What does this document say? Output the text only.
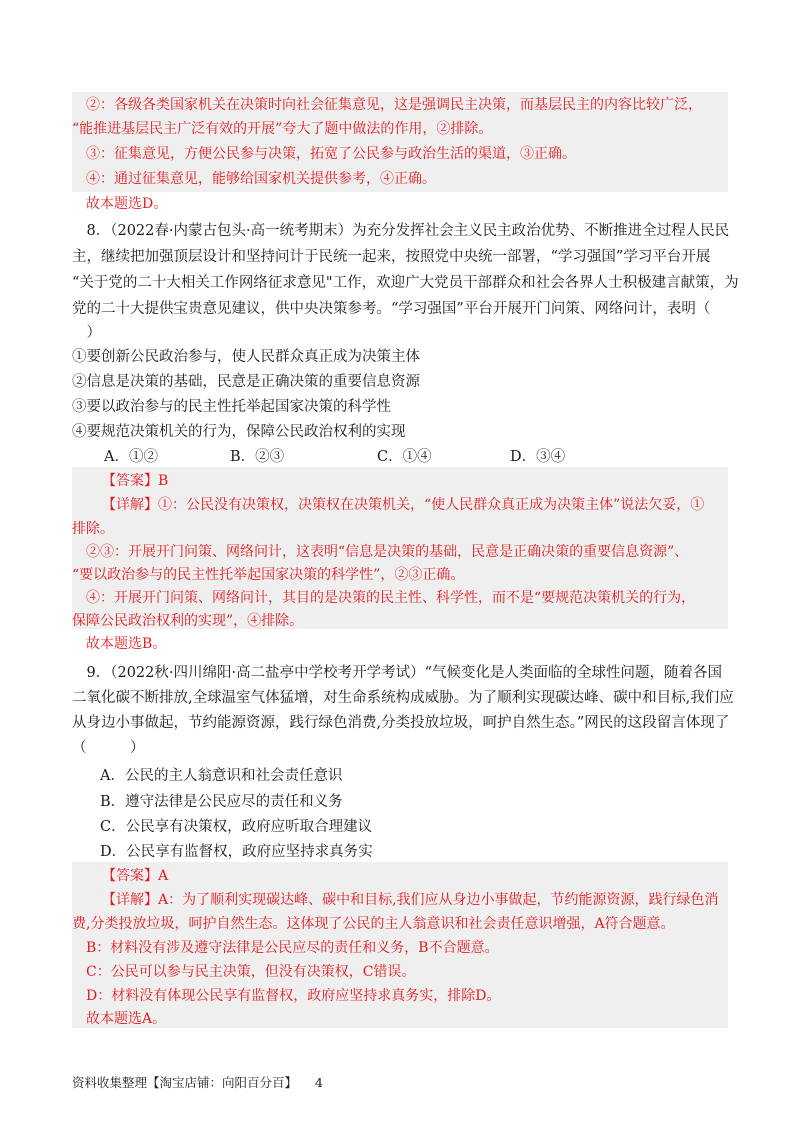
　②：各级各类国家机关在决策时向社会征集意见，这是强调民主决策，而基层民主的内容比较广泛，
“能推进基层民主广泛有效的开展”夸大了题中做法的作用，②排除。
　③：征集意见，方便公民参与决策，拓宽了公民参与政治生活的渠道，③正确。
　④：通过征集意见，能够给国家机关提供参考，④正确。
　故本题选D。
　8．（2022春·内蒙古包头·高一统考期末）为充分发挥社会主义民主政治优势、不断推进全过程人民民
主，继续把加强顶层设计和坚持问计于民统一起来，按照党中央统一部署，“学习强国”学习平台开展
“关于党的二十大相关工作网络征求意见"工作，欢迎广大党员干部群众和社会各界人士积极建言献策，为
党的二十大提供宝贵意见建议，供中央决策参考。“学习强国”平台开展开门问策、网络问计，表明（
　）
①要创新公民政治参与，使人民群众真正成为决策主体
②信息是决策的基础，民意是正确决策的重要信息资源
③要以政治参与的民主性托举起国家决策的科学性
④要规范决策机关的行为，保障公民政治权利的实现
A．①②	B．②③	C．①④	D．③④
【答案】B
【详解】①：公民没有决策权，决策权在决策机关，“使人民群众真正成为决策主体”说法欠妥，①
排除。
　②③：开展开门问策、网络问计，这表明“信息是决策的基础，民意是正确决策的重要信息资源”、
“要以政治参与的民主性托举起国家决策的科学性”，②③正确。
　④：开展开门问策、网络问计，其目的是决策的民主性、科学性，而不是“要规范决策机关的行为，
保障公民政治权利的实现”，④排除。
　故本题选B。
　9．（2022秋·四川绵阳·高二盐亭中学校考开学考试）“气候变化是人类面临的全球性问题，随着各国
二氧化碳不断排放,全球温室气体猛增，对生命系统构成威胁。为了顺利实现碳达峰、碳中和目标,我们应
从身边小事做起，节约能源资源，践行绿色消费,分类投放垃圾，呵护自然生态。”网民的这段留言体现了
（　　　）
A．公民的主人翁意识和社会责任意识
B．遵守法律是公民应尽的责任和义务
C．公民享有决策权，政府应听取合理建议
D．公民享有监督权，政府应坚持求真务实
【答案】A
【详解】A：为了顺利实现碳达峰、碳中和目标,我们应从身边小事做起，节约能源资源，践行绿色消
费,分类投放垃圾，呵护自然生态。这体现了公民的主人翁意识和社会责任意识增强，A符合题意。
　B：材料没有涉及遵守法律是公民应尽的责任和义务，B不合题意。
　C：公民可以参与民主决策，但没有决策权，C错误。
　D：材料没有体现公民享有监督权，政府应坚持求真务实，排除D。
　故本题选A。
资料收集整理【淘宝店铺：向阳百分百】 4
